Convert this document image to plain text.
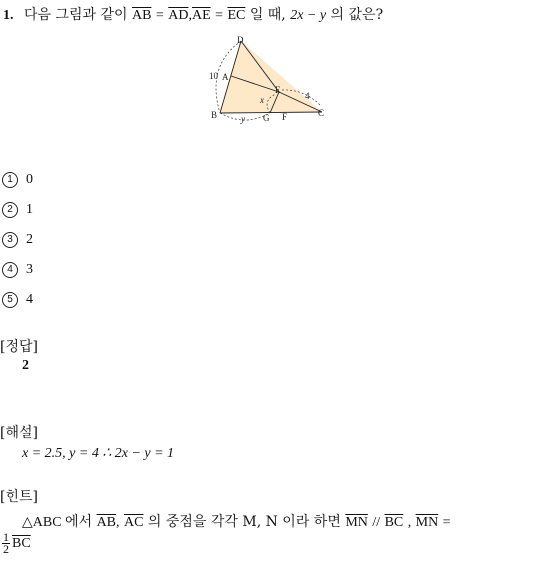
1. 다음 그림과 같이 $\overline{AB} = \overline{AD},\overline{AE} = \overline{EC}$ 일 때, 2x − y 의 값은?
D
A
E
B	G F	C
10
4
x
y
1 0
2 1
3 2
4 3
5 4
[정답]
2
[해설]
x = 2.5, y = 4 ∴ 2x − y = 1
[힌트]
△ABC 에서 $\overline{AB}$, $\overline{AC}$ 의 중점을 각각 M, N 이라 하면 $\overline{MN} // \overline{BC}$ , $\overline{MN}$ =
1
2 $\overline{BC}$
